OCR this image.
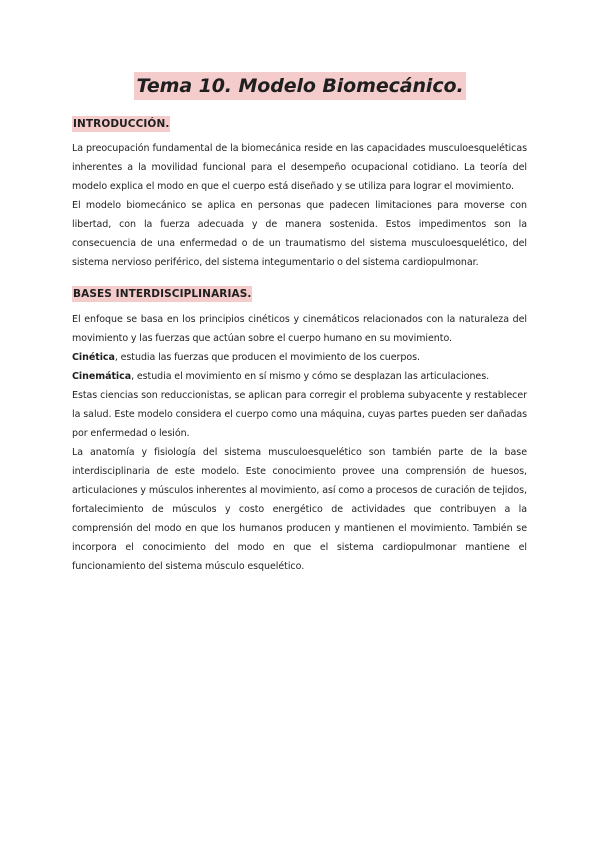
Tema 10. Modelo Biomecánico.
INTRODUCCIÓN.

La preocupación fundamental de la biomecánica reside en las capacidades musculoesqueléticas inherentes a la movilidad funcional para el desempeño ocupacional cotidiano. La teoría del modelo explica el modo en que el cuerpo está diseñado y se utiliza para lograr el movimiento.

El modelo biomecánico se aplica en personas que padecen limitaciones para moverse con libertad, con la fuerza adecuada y de manera sostenida. Estos impedimentos son la consecuencia de una enfermedad o de un traumatismo del sistema musculoesquelético, del sistema nervioso periférico, del sistema integumentario o del sistema cardiopulmonar.

BASES INTERDISCIPLINARIAS.

El enfoque se basa en los principios cinéticos y cinemáticos relacionados con la naturaleza del movimiento y las fuerzas que actúan sobre el cuerpo humano en su movimiento.

Cinética, estudia las fuerzas que producen el movimiento de los cuerpos.

Cinemática, estudia el movimiento en sí mismo y cómo se desplazan las articulaciones.

Estas ciencias son reduccionistas, se aplican para corregir el problema subyacente y restablecer la salud. Este modelo considera el cuerpo como una máquina, cuyas partes pueden ser dañadas por enfermedad o lesión.

La anatomía y fisiología del sistema musculoesquelético son también parte de la base interdisciplinaria de este modelo. Este conocimiento provee una comprensión de huesos, articulaciones y músculos inherentes al movimiento, así como a procesos de curación de tejidos, fortalecimiento de músculos y costo energético de actividades que contribuyen a la comprensión del modo en que los humanos producen y mantienen el movimiento. También se incorpora el conocimiento del modo en que el sistema cardiopulmonar mantiene el funcionamiento del sistema músculo esquelético.
